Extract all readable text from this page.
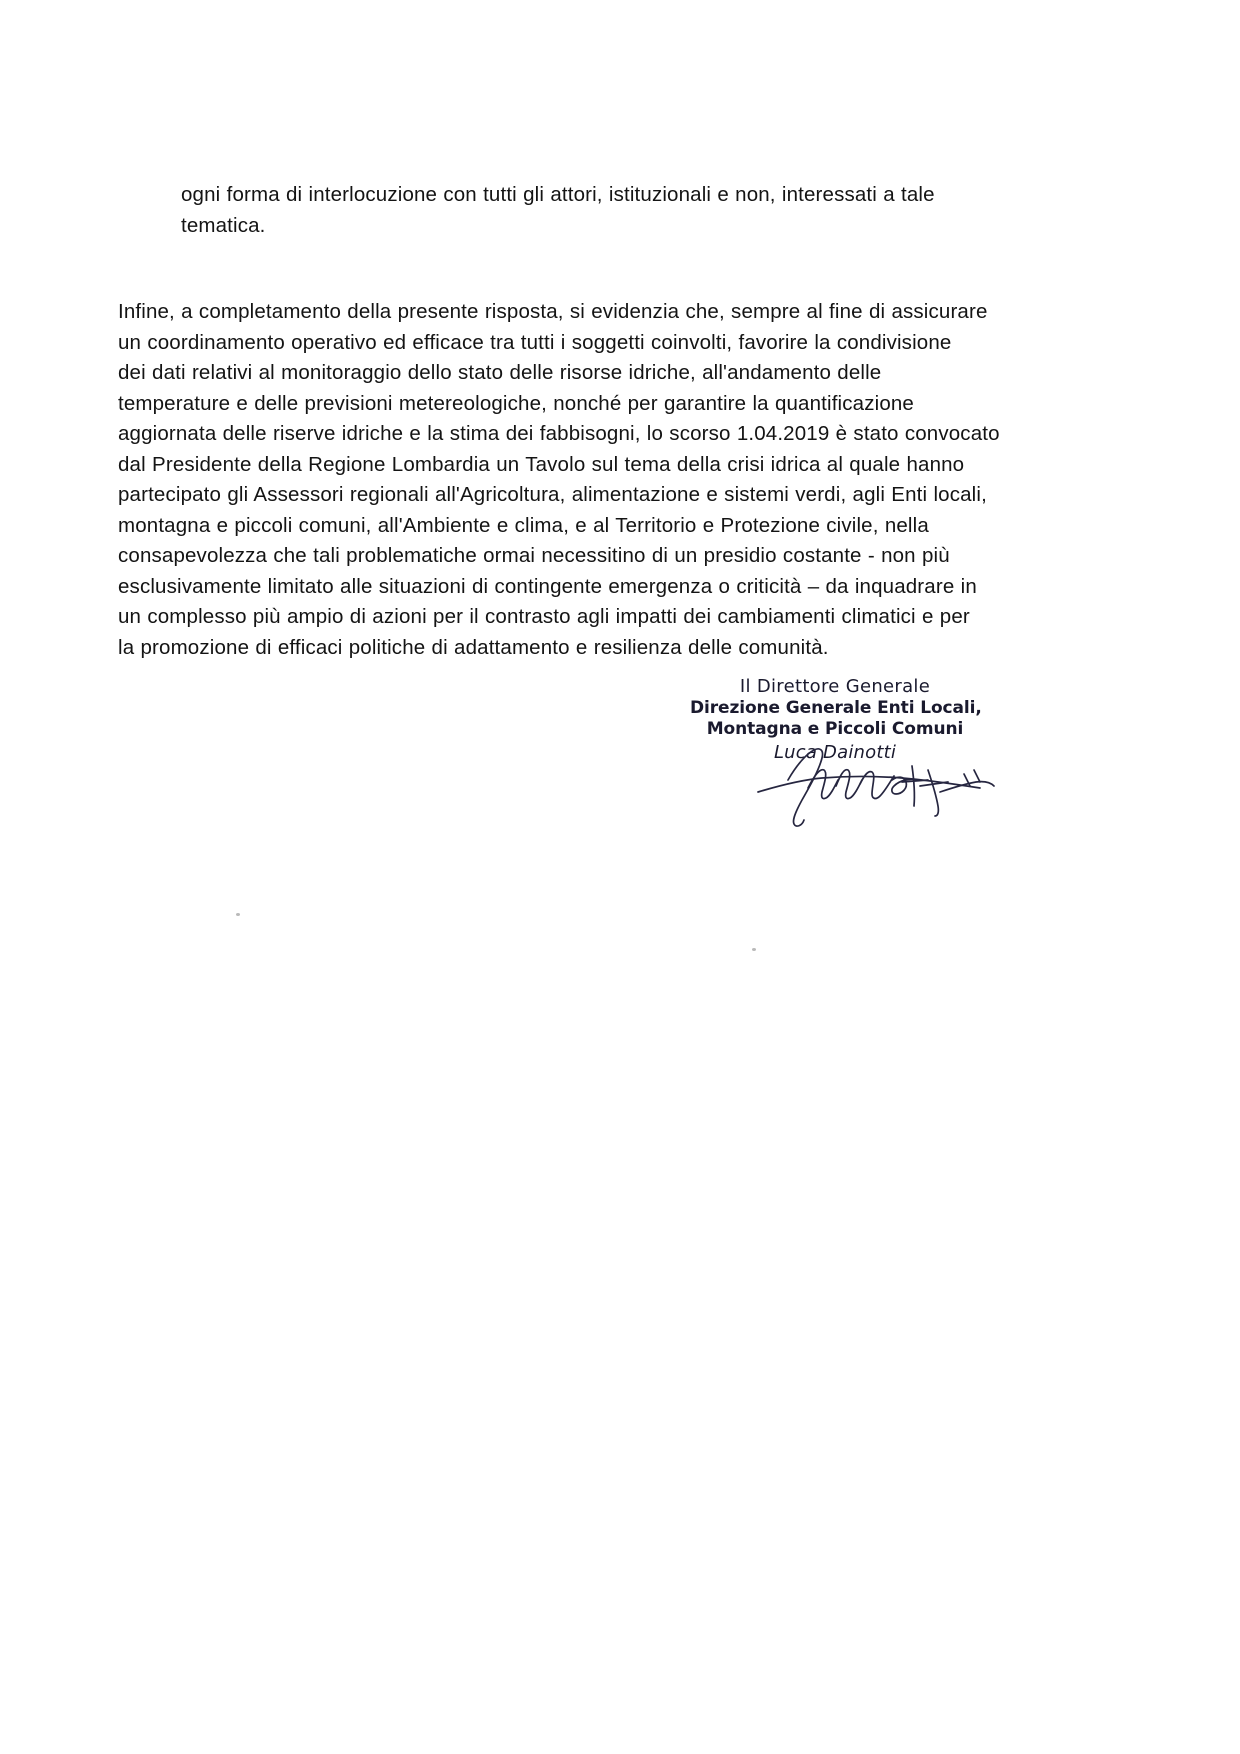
ogni forma di interlocuzione con tutti gli attori, istituzionali e non, interessati a tale
tematica.

Infine, a completamento della presente risposta, si evidenzia che, sempre al fine di assicurare
un coordinamento operativo ed efficace tra tutti i soggetti coinvolti, favorire la condivisione
dei dati relativi al monitoraggio dello stato delle risorse idriche, all'andamento delle
temperature e delle previsioni metereologiche, nonché per garantire la quantificazione
aggiornata delle riserve idriche e la stima dei fabbisogni, lo scorso 1.04.2019 è stato convocato
dal Presidente della Regione Lombardia un Tavolo sul tema della crisi idrica al quale hanno
partecipato gli Assessori regionali all'Agricoltura, alimentazione e sistemi verdi, agli Enti locali,
montagna e piccoli comuni, all'Ambiente e clima, e al Territorio e Protezione civile, nella
consapevolezza che tali problematiche ormai necessitino di un presidio costante - non più
esclusivamente limitato alle situazioni di contingente emergenza o criticità – da inquadrare in
un complesso più ampio di azioni per il contrasto agli impatti dei cambiamenti climatici e per
la promozione di efficaci politiche di adattamento e resilienza delle comunità.

Il Direttore Generale
Direzione Generale Enti Locali,
Montagna e Piccoli Comuni
Luca Dainotti
